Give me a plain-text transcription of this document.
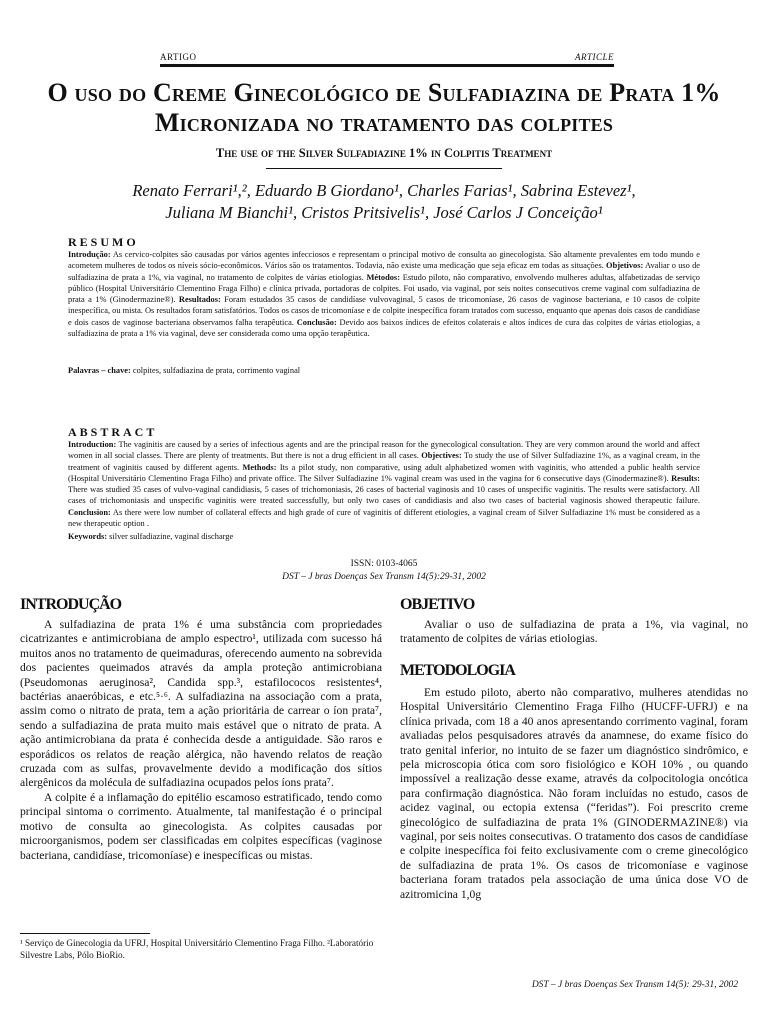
ARTIGO	ARTICLE
O uso do Creme Ginecológico de Sulfadiazina de Prata 1%
Micronizada no tratamento das colpites
The use of the Silver Sulfadiazine 1% in Colpitis Treatment
Renato Ferrari¹,², Eduardo B Giordano¹, Charles Farias¹, Sabrina Estevez¹,
Juliana M Bianchi¹, Cristos Pritsivelis¹, José Carlos J Conceição¹
RESUMO
Introdução: As cervico-colpites são causadas por vários agentes infecciosos e representam o principal motivo de consulta ao ginecologista. São altamente prevalentes em todo mundo e acometem mulheres de todos os níveis sócio-econômicos. Vários são os tratamentos. Todavia, não existe uma medicação que seja eficaz em todas as situações. Objetivos: Avaliar o uso de sulfadiazina de prata a 1%, via vaginal, no tratamento de colpites de várias etiologias. Métodos: Estudo piloto, não comparativo, envolvendo mulheres adultas, alfabetizadas de serviço público (Hospital Universitário Clementino Fraga Filho) e clínica privada, portadoras de colpites. Foi usado, via vaginal, por seis noites consecutivos creme vaginal com sulfadiazina de prata a 1% (Ginodermazine®). Resultados: Foram estudados 35 casos de candidíase vulvovaginal, 5 casos de tricomoníase, 26 casos de vaginose bacteriana, e 10 casos de colpite inespecífica, ou mista. Os resultados foram satisfatórios. Todos os casos de tricomoníase e de colpite inespecífica foram tratados com sucesso, enquanto que apenas dois casos de candidíase e dois casos de vaginose bacteriana observamos falha terapêutica. Conclusão: Devido aos baixos índices de efeitos colaterais e altos índices de cura das colpites de várias etiologias, a sulfadiazina de prata a 1% via vaginal, deve ser considerada como uma opção terapêutica.
Palavras – chave: colpites, sulfadiazina de prata, corrimento vaginal
ABSTRACT
Introduction: The vaginitis are caused by a series of infectious agents and are the principal reason for the gynecological consultation. They are very common around the world and affect women in all social classes. There are plenty of treatments. But there is not a drug efficient in all cases. Objectives: To study the use of Silver Sulfadiazine 1%, as a vaginal cream, in the treatment of vaginitis caused by different agents. Methods: Its a pilot study, non comparative, using adult alphabetized women with vaginitis, who attended a public health service (Hospital Universitário Clementino Fraga Filho) and private office. The Silver Sulfadiazine 1% vaginal cream was used in the vagina for 6 consecutive days (Ginodermazine®). Results: There was studied 35 cases of vulvo-vaginal candidiasis, 5 cases of trichomoniasis, 26 cases of bacterial vaginosis and 10 cases of unspecific vaginitis. The results were satisfactory. All cases of trichomoniasis and unspecific vaginitis were treated successfully, but only two cases of candidiasis and also two cases of bacterial vaginosis showed therapeutic failure. Conclusion: As there were low number of collateral effects and high grade of cure of vaginitis of different etiologies, a vaginal cream of Silver Sulfadiazine 1% must be considered as a new therapeutic option .
Keywords: silver sulfadiazine, vaginal discharge
ISSN: 0103-4065
DST – J bras Doenças Sex Transm 14(5):29-31, 2002
INTRODUÇÃO

A sulfadiazina de prata 1% é uma substância com propriedades cicatrizantes e antimicrobiana de amplo espectro¹, utilizada com sucesso há muitos anos no tratamento de queimaduras, oferecendo aumento na sobrevida dos pacientes queimados através da ampla proteção antimicrobiana (Pseudomonas aeruginosa², Candida spp.³, estafilococos resistentes⁴, bactérias anaeróbicas, e etc.⁵·⁶. A sulfadiazina na associação com a prata, assim como o nitrato de prata, tem a ação prioritária de carrear o íon prata⁷, sendo a sulfadiazina de prata muito mais estável que o nitrato de prata. A ação antimicrobiana da prata é conhecida desde a antiguidade. São raros e esporádicos os relatos de reação alérgica, não havendo relatos de reação cruzada com as sulfas, provavelmente devido a modificação dos sítios alergênicos da molécula de sulfadiazina ocupados pelos íons prata⁷.

A colpite é a inflamação do epitélio escamoso estratificado, tendo como principal sintoma o corrimento. Atualmente, tal manifestação é o principal motivo de consulta ao ginecologista. As colpites causadas por microorganismos, podem ser classificadas em colpites específicas (vaginose bacteriana, candidíase, tricomoníase) e inespecíficas ou mistas.

¹ Serviço de Ginecologia da UFRJ, Hospital Universitário Clementino Fraga Filho. ²Laboratório Silvestre Labs, Pólo BioRio.
OBJETIVO

Avaliar o uso de sulfadiazina de prata a 1%, via vaginal, no tratamento de colpites de várias etiologias.

METODOLOGIA

Em estudo piloto, aberto não comparativo, mulheres atendidas no Hospital Universitário Clementino Fraga Filho (HUCFF-UFRJ) e na clínica privada, com 18 a 40 anos apresentando corrimento vaginal, foram avaliadas pelos pesquisadores através da anamnese, do exame físico do trato genital inferior, no intuito de se fazer um diagnóstico sindrômico, e pela microscopia ótica com soro fisiológico e KOH 10% , ou quando impossível a realização desse exame, através da colpocitologia oncótica para confirmação diagnóstica. Não foram incluídas no estudo, casos de acidez vaginal, ou ectopia extensa (“feridas”). Foi prescrito creme ginecológico de sulfadiazina de prata 1% (GINODERMAZINE®) via vaginal, por seis noites consecutivas. O tratamento dos casos de candidíase e colpite inespecífica foi feito exclusivamente com o creme ginecológico de sulfadiazina de prata 1%. Os casos de tricomoníase e vaginose bacteriana foram tratados pela associação de uma única dose VO de azitromicina 1,0g

DST – J bras Doenças Sex Transm 14(5): 29-31, 2002
